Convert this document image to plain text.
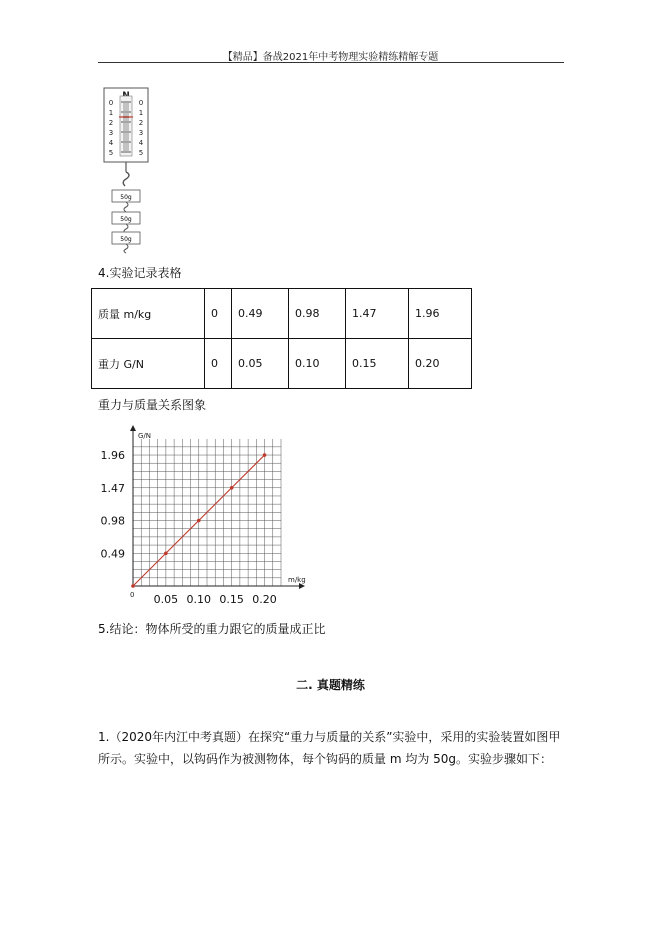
【精品】备战2021年中考物理实验精练精解专题
0
1
2
3
4
5
0
1
2
3
4
5
50g
50g
50g
4.实验记录表格
质量 m/kg	0	0.49	0.98	1.47	1.96
重力 G/N	0	0.05	0.10	0.15	0.20
重力与质量关系图象
G/N
m/kg
0
0.49
0.98
1.47
1.96
0.05 0.10 0.15 0.20
5.结论：物体所受的重力跟它的质量成正比
二. 真题精练
1.（2020年内江中考真题）在探究“重力与质量的关系”实验中，采用的实验装置如图甲
所示。实验中，以钩码作为被测物体，每个钩码的质量 m 均为 50g。实验步骤如下：
